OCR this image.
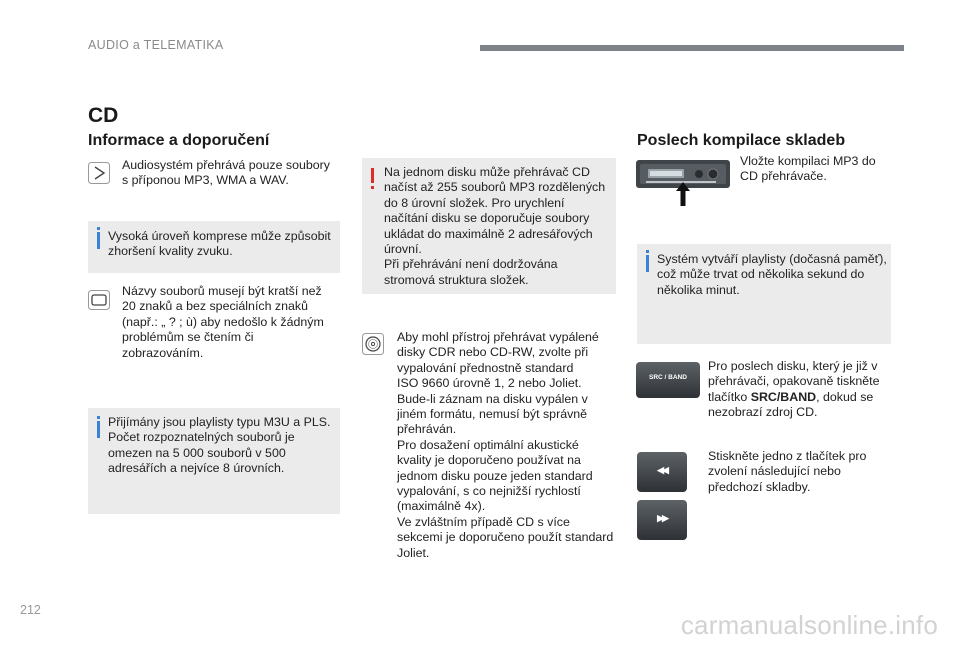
AUDIO a TELEMATIKA
CD
Informace a doporučení
Audiosystém přehrává pouze soubory s příponou MP3, WMA a WAV.
Vysoká úroveň komprese může způsobit zhoršení kvality zvuku.
Názvy souborů musejí být kratší než 20 znaků a bez speciálních znaků (např.: „ ? ; ù) aby nedošlo k žádným problémům se čtením či zobrazováním.
Přijímány jsou playlisty typu M3U a PLS. Počet rozpoznatelných souborů je omezen na 5 000 souborů v 500 adresářích a nejvíce 8 úrovních.
Na jednom disku může přehrávač CD načíst až 255 souborů MP3 rozdělených do 8 úrovní složek. Pro urychlení načítání disku se doporučuje soubory ukládat do maximálně 2 adresářových úrovní.
Při přehrávání není dodržována stromová struktura složek.
Aby mohl přístroj přehrávat vypálené disky CDR nebo CD-RW, zvolte při vypalování přednostně standard
ISO 9660 úrovně 1, 2 nebo Joliet.
Bude-li záznam na disku vypálen v jiném formátu, nemusí být správně přehráván.
Pro dosažení optimální akustické kvality je doporučeno používat na jednom disku pouze jeden standard vypalování, s co nejnižší rychlostí (maximálně 4x).
Ve zvláštním případě CD s více sekcemi je doporučeno použít standard Joliet.
Poslech kompilace skladeb
Vložte kompilaci MP3 do CD přehrávače.
Systém vytváří playlisty (dočasná paměť), což může trvat od několika sekund do několika minut.
SRC / BAND
Pro poslech disku, který je již v přehrávači, opakovaně tiskněte tlačítko SRC/BAND, dokud se nezobrazí zdroj CD.
◀◀
▶▶
Stiskněte jedno z tlačítek pro zvolení následující nebo předchozí skladby.
212	carmanualsonline.info
